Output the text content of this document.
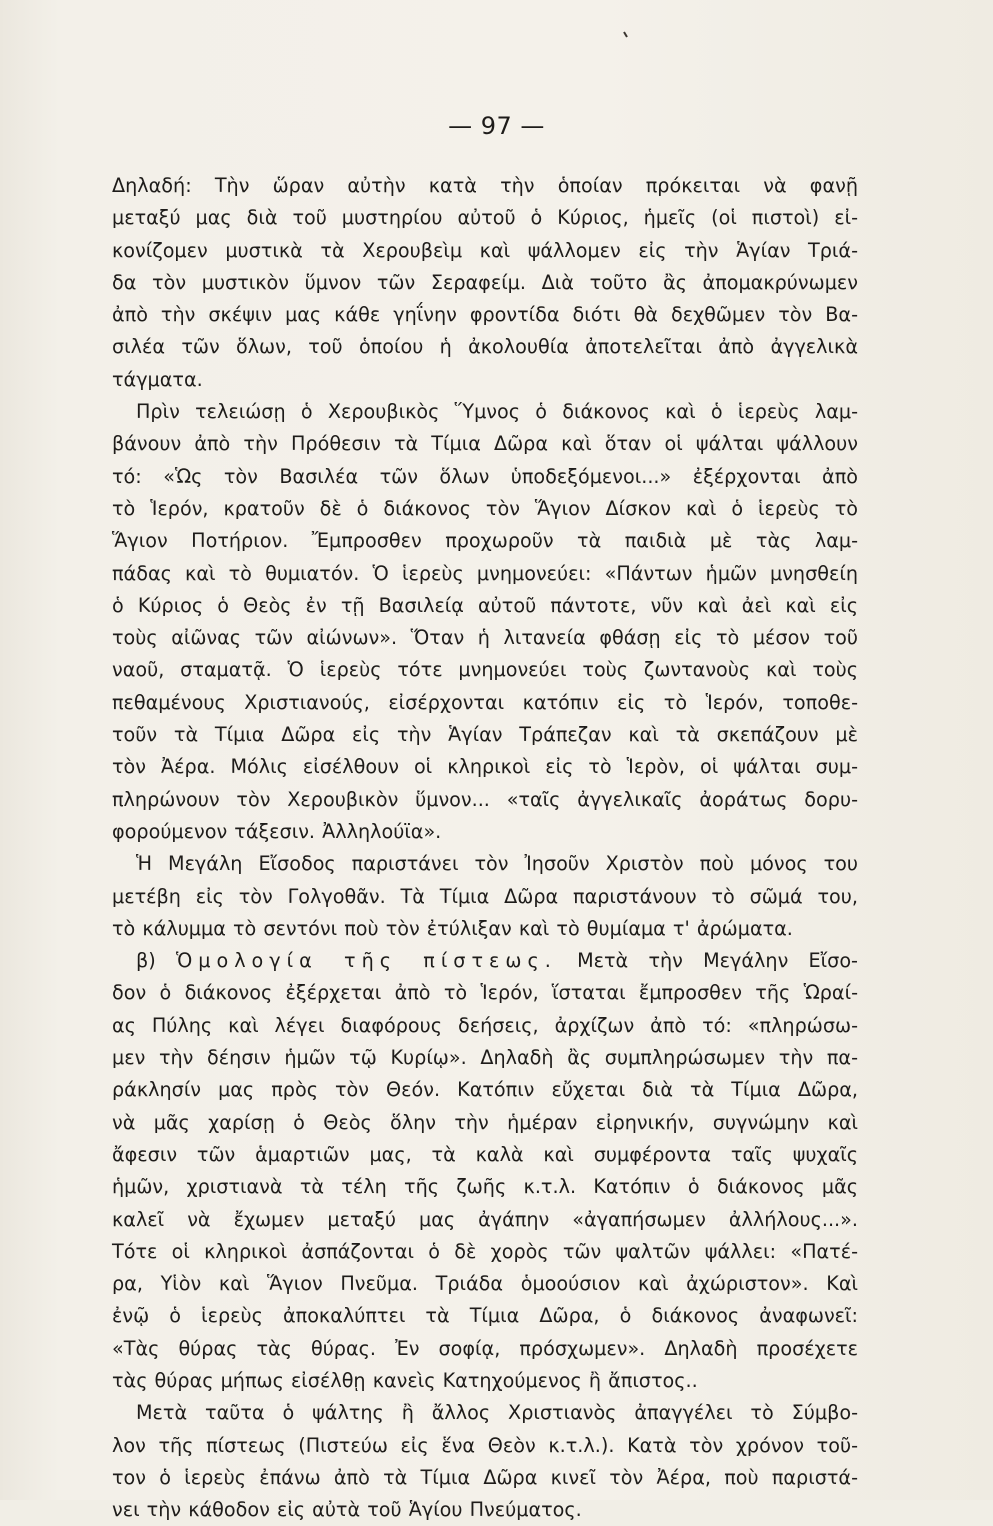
— 97 —
Δηλαδή: Τὴν ὥραν αὐτὴν κατὰ τὴν ὁποίαν πρόκειται νὰ φανῇ
μεταξύ μας διὰ τοῦ μυστηρίου αὐτοῦ ὁ Κύριος, ἡμεῖς (οἱ πιστοὶ) εἰ-
κονίζομεν μυστικὰ τὰ Χερουβεὶμ καὶ ψάλλομεν εἰς τὴν Ἁγίαν Τριά-
δα τὸν μυστικὸν ὕμνον τῶν Σεραφείμ. Διὰ τοῦτο ἂς ἀπομακρύνωμεν
ἀπὸ τὴν σκέψιν μας κάθε γηΐνην φροντίδα διότι θὰ δεχθῶμεν τὸν Βα-
σιλέα τῶν ὅλων, τοῦ ὁποίου ἡ ἀκολουθία ἀποτελεῖται ἀπὸ ἀγγελικὰ
τάγματα.
Πρὶν τελειώσῃ ὁ Χερουβικὸς Ὕμνος ὁ διάκονος καὶ ὁ ἱερεὺς λαμ-
βάνουν ἀπὸ τὴν Πρόθεσιν τὰ Τίμια Δῶρα καὶ ὅταν οἱ ψάλται ψάλλουν
τό: «Ὡς τὸν Βασιλέα τῶν ὅλων ὑποδεξόμενοι...» ἐξέρχονται ἀπὸ
τὸ Ἱερόν, κρατοῦν δὲ ὁ διάκονος τὸν Ἅγιον Δίσκον καὶ ὁ ἱερεὺς τὸ
Ἅγιον Ποτήριον. Ἔμπροσθεν προχωροῦν τὰ παιδιὰ μὲ τὰς λαμ-
πάδας καὶ τὸ θυμιατόν. Ὁ ἱερεὺς μνημονεύει: «Πάντων ἡμῶν μνησθείη
ὁ Κύριος ὁ Θεὸς ἐν τῇ Βασιλείᾳ αὐτοῦ πάντοτε, νῦν καὶ ἀεὶ καὶ εἰς
τοὺς αἰῶνας τῶν αἰώνων». Ὅταν ἡ λιτανεία φθάσῃ εἰς τὸ μέσον τοῦ
ναοῦ, σταματᾷ. Ὁ ἱερεὺς τότε μνημονεύει τοὺς ζωντανοὺς καὶ τοὺς
πεθαμένους Χριστιανούς, εἰσέρχονται κατόπιν εἰς τὸ Ἱερόν, τοποθε-
τοῦν τὰ Τίμια Δῶρα εἰς τὴν Ἁγίαν Τράπεζαν καὶ τὰ σκεπάζουν μὲ
τὸν Ἀέρα. Μόλις εἰσέλθουν οἱ κληρικοὶ εἰς τὸ Ἱερὸν, οἱ ψάλται συμ-
πληρώνουν τὸν Χερουβικὸν ὕμνον... «ταῖς ἀγγελικαῖς ἀοράτως δορυ-
φορούμενον τάξεσιν. Ἀλληλούϊα».
Ἡ Μεγάλη Εἴσοδος παριστάνει τὸν Ἰησοῦν Χριστὸν ποὺ μόνος του
μετέβη εἰς τὸν Γολγοθᾶν. Τὰ Τίμια Δῶρα παριστάνουν τὸ σῶμά του,
τὸ κάλυμμα τὸ σεντόνι ποὺ τὸν ἐτύλιξαν καὶ τὸ θυμίαμα τ' ἀρώματα.
β) Ὁμολογία τῆς πίστεως. Μετὰ τὴν Μεγάλην Εἴσο-
δον ὁ διάκονος ἐξέρχεται ἀπὸ τὸ Ἱερόν, ἵσταται ἔμπροσθεν τῆς Ὡραί-
ας Πύλης καὶ λέγει διαφόρους δεήσεις, ἀρχίζων ἀπὸ τό: «πληρώσω-
μεν τὴν δέησιν ἡμῶν τῷ Κυρίῳ». Δηλαδὴ ἂς συμπληρώσωμεν τὴν πα-
ράκλησίν μας πρὸς τὸν Θεόν. Κατόπιν εὔχεται διὰ τὰ Τίμια Δῶρα,
νὰ μᾶς χαρίσῃ ὁ Θεὸς ὅλην τὴν ἡμέραν εἰρηνικήν, συγνώμην καὶ
ἄφεσιν τῶν ἁμαρτιῶν μας, τὰ καλὰ καὶ συμφέροντα ταῖς ψυχαῖς
ἡμῶν, χριστιανὰ τὰ τέλη τῆς ζωῆς κ.τ.λ. Κατόπιν ὁ διάκονος μᾶς
καλεῖ νὰ ἔχωμεν μεταξύ μας ἀγάπην «ἀγαπήσωμεν ἀλλήλους...».
Τότε οἱ κληρικοὶ ἀσπάζονται ὁ δὲ χορὸς τῶν ψαλτῶν ψάλλει: «Πατέ-
ρα, Υἱὸν καὶ Ἅγιον Πνεῦμα. Τριάδα ὁμοούσιον καὶ ἀχώριστον». Καὶ
ἐνῷ ὁ ἱερεὺς ἀποκαλύπτει τὰ Τίμια Δῶρα, ὁ διάκονος ἀναφωνεῖ:
«Τὰς θύρας τὰς θύρας. Ἐν σοφίᾳ, πρόσχωμεν». Δηλαδὴ προσέχετε
τὰς θύρας μήπως εἰσέλθῃ κανεὶς Κατηχούμενος ἢ ἄπιστος..
Μετὰ ταῦτα ὁ ψάλτης ἢ ἄλλος Χριστιανὸς ἀπαγγέλει τὸ Σύμβο-
λον τῆς πίστεως (Πιστεύω εἰς ἕνα Θεὸν κ.τ.λ.). Κατὰ τὸν χρόνον τοῦ-
τον ὁ ἱερεὺς ἐπάνω ἀπὸ τὰ Τίμια Δῶρα κινεῖ τὸν Ἀέρα, ποὺ παριστά-
νει τὴν κάθοδον εἰς αὐτὰ τοῦ Ἁγίου Πνεύματος.
